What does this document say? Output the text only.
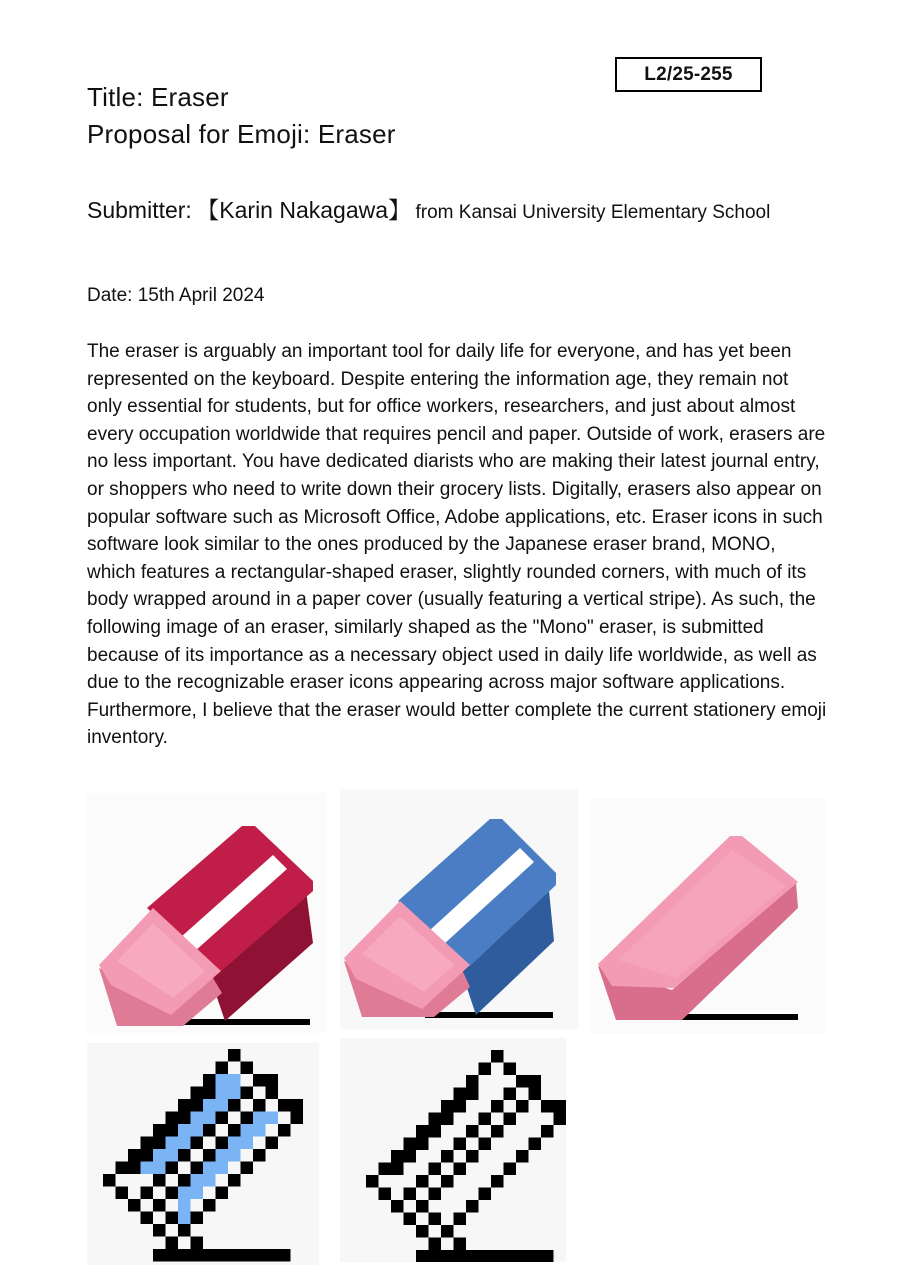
L2/25-255
Title: Eraser
Proposal for Emoji: Eraser
Submitter: 【Karin Nakagawa】 from Kansai University Elementary School
Date: 15th April 2024

The eraser is arguably an important tool for daily life for everyone, and has yet been represented on the keyboard. Despite entering the information age, they remain not only essential for students, but for office workers, researchers, and just about almost every occupation worldwide that requires pencil and paper. Outside of work, erasers are no less important. You have dedicated diarists who are making their latest journal entry, or shoppers who need to write down their grocery lists. Digitally, erasers also appear on popular software such as Microsoft Office, Adobe applications, etc. Eraser icons in such software look similar to the ones produced by the Japanese eraser brand, MONO, which features a rectangular-shaped eraser, slightly rounded corners, with much of its body wrapped around in a paper cover (usually featuring a vertical stripe). As such, the following image of an eraser, similarly shaped as the "Mono" eraser, is submitted because of its importance as a necessary object used in daily life worldwide, as well as due to the recognizable eraser icons appearing across major software applications. Furthermore, I believe that the eraser would better complete the current stationery emoji inventory.
